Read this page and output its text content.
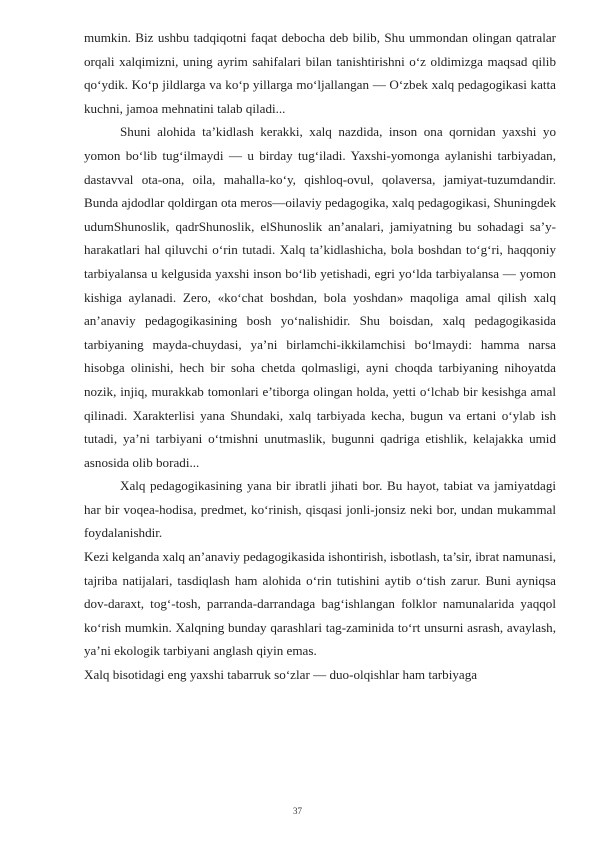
mumkin. Biz ushbu tadqiqotni faqat debocha deb bilib, Shu ummondan olingan qatralar orqali xalqimizni, uning ayrim sahifalari bilan tanishtirishni o‘z oldimizga maqsad qilib qo‘ydik. Ko‘p jildlarga va ko‘p yillarga mo‘ljallangan — O‘zbek xalq pedagogikasi katta kuchni, jamoa mehnatini talab qiladi...

Shuni alohida ta’kidlash kerakki, xalq nazdida, inson ona qornidan yaxshi yo yomon bo‘lib tug‘ilmaydi — u birday tug‘iladi. Yaxshi-yomonga aylanishi tarbiyadan, dastavval ota-ona, oila, mahalla-ko‘y, qishloq-ovul, qolaversa, jamiyat-tuzumdandir. Bunda ajdodlar qoldirgan ota meros—oilaviy pedagogika, xalq pedagogikasi, Shuningdek udumShunoslik, qadrShunoslik, elShunoslik an’analari, jamiyatning bu sohadagi sa’y-harakatlari hal qiluvchi o‘rin tutadi. Xalq ta’kidlashicha, bola boshdan to‘g‘ri, haqqoniy tarbiyalansa u kelgusida yaxshi inson bo‘lib yetishadi, egri yo‘lda tarbiyalansa — yomon kishiga aylanadi. Zero, «ko‘chat boshdan, bola yoshdan» maqoliga amal qilish xalq an’anaviy pedagogikasining bosh yo‘nalishidir. Shu boisdan, xalq pedagogikasida tarbiyaning mayda-chuydasi, ya’ni birlamchi-ikkilamchisi bo‘lmaydi: hamma narsa hisobga olinishi, hech bir soha chetda qolmasligi, ayni choqda tarbiyaning nihoyatda nozik, injiq, murakkab tomonlari e’tiborga olingan holda, yetti o‘lchab bir kesishga amal qilinadi. Xarakterlisi yana Shundaki, xalq tarbiyada kecha, bugun va ertani o‘ylab ish tutadi, ya’ni tarbiyani o‘tmishni unutmaslik, bugunni qadriga etishlik, kelajakka umid asnosida olib boradi...

Xalq pedagogikasining yana bir ibratli jihati bor. Bu hayot, tabiat va jamiyatdagi har bir voqea-hodisa, predmet, ko‘rinish, qisqasi jonli-jonsiz neki bor, undan mukammal foydalanishdir.

Kezi kelganda xalq an’anaviy pedagogikasida ishontirish, isbotlash, ta’sir, ibrat namunasi, tajriba natijalari, tasdiqlash ham alohida o‘rin tutishini aytib o‘tish zarur. Buni ayniqsa dov-daraxt, tog‘-tosh, parranda-darrandaga bag‘ishlangan folklor namunalarida yaqqol ko‘rish mumkin. Xalqning bunday qarashlari tag-zaminida to‘rt unsurni asrash, avaylash, ya’ni ekologik tarbiyani anglash qiyin emas.

Xalq bisotidagi eng yaxshi tabarruk so‘zlar — duo-olqishlar ham tarbiyaga

37
